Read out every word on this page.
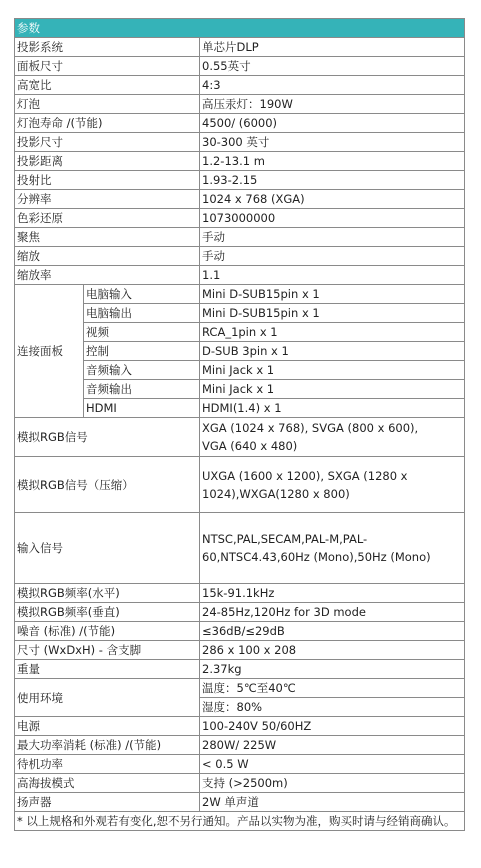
参数		
投影系统		单芯片DLP
面板尺寸		0.55英寸
高宽比		4:3
灯泡		高压汞灯：190W
灯泡寿命 /(节能)		4500/ (6000)
投影尺寸		30-300 英寸
投影距离		1.2-13.1 m
投射比		1.93-2.15
分辨率		1024 x 768 (XGA)
色彩还原		1073000000
聚焦		手动
缩放		手动
缩放率		1.1
连接面板	电脑输入	Mini D-SUB15pin x 1
	电脑输出	Mini D-SUB15pin x 1
	视频	RCA_1pin x 1
	控制	D-SUB 3pin x 1
	音频输入	Mini Jack x 1
	音频输出	Mini Jack x 1
	HDMI	HDMI(1.4) x 1
模拟RGB信号		XGA (1024 x 768), SVGA (800 x 600),
VGA (640 x 480)

模拟RGB信号（压缩）		UXGA (1600 x 1200), SXGA (1280 x
1024),WXGA(1280 x 800)

输入信号		NTSC,PAL,SECAM,PAL-M,PAL-
60,NTSC4.43,60Hz (Mono),50Hz (Mono)

模拟RGB频率(水平)		15k-91.1kHz
模拟RGB频率(垂直)		24-85Hz,120Hz for 3D mode
噪音 (标准) /(节能)		≤36dB/≤29dB
尺寸 (WxDxH) - 含支脚		286 x 100 x 208
重量		2.37kg
使用环境		温度：5℃至40℃
		湿度：80%
电源		100-240V 50/60HZ
最大功率消耗 (标准) /(节能)		280W/ 225W
待机功率		< 0.5 W
高海拔模式		支持 (>2500m)
扬声器		2W 单声道
* 以上规格和外观若有变化,恕不另行通知。产品以实物为准，购买时请与经销商确认。		
